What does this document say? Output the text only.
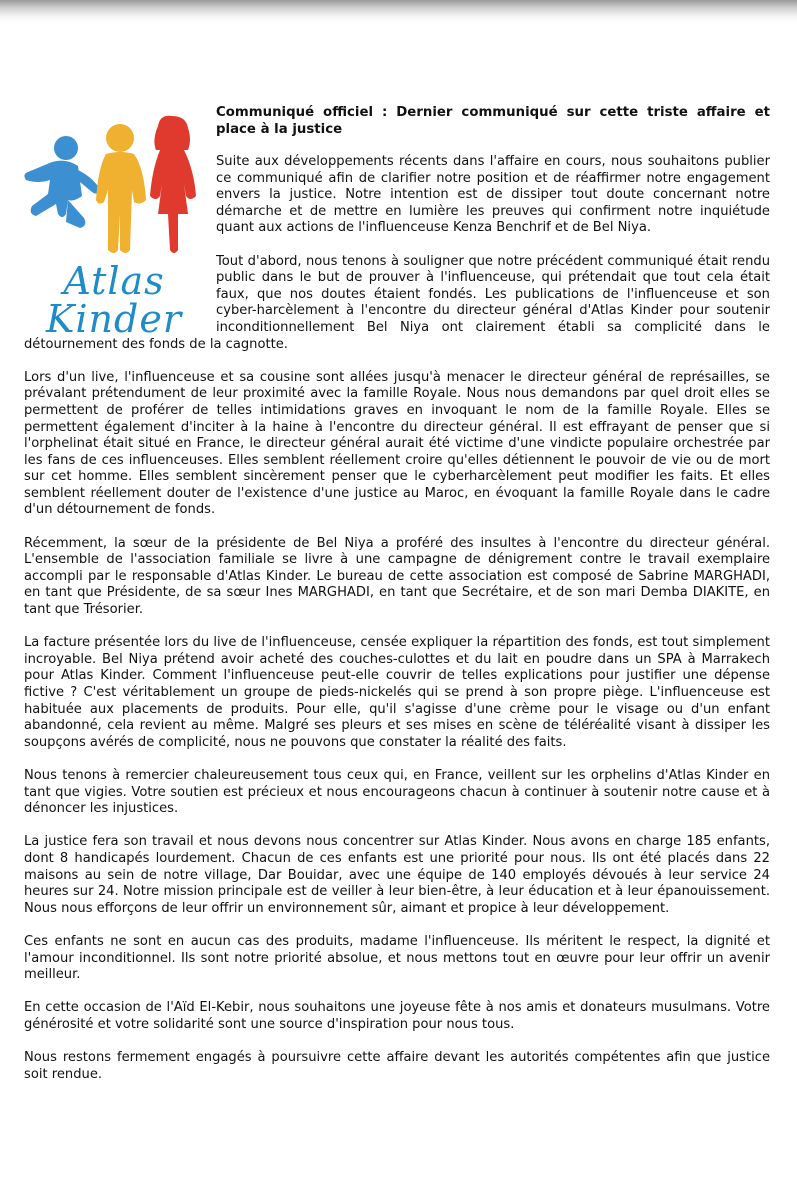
Atlas
Kinder
Communiqué officiel : Dernier communiqué sur cette triste affaire et place à la justice

Suite aux développements récents dans l'affaire en cours, nous souhaitons publier ce communiqué afin de clarifier notre position et de réaffirmer notre engagement envers la justice. Notre intention est de dissiper tout doute concernant notre démarche et de mettre en lumière les preuves qui confirment notre inquiétude quant aux actions de l'influenceuse Kenza Benchrif et de Bel Niya.

Tout d'abord, nous tenons à souligner que notre précédent communiqué était rendu public dans le but de prouver à l'influenceuse, qui prétendait que tout cela était faux, que nos doutes étaient fondés. Les publications de l'influenceuse et son cyber-harcèlement à l'encontre du directeur général d'Atlas Kinder pour soutenir inconditionnellement Bel Niya ont clairement établi sa complicité dans le détournement des fonds de la cagnotte.

Lors d'un live, l'influenceuse et sa cousine sont allées jusqu'à menacer le directeur général de représailles, se prévalant prétendument de leur proximité avec la famille Royale. Nous nous demandons par quel droit elles se permettent de proférer de telles intimidations graves en invoquant le nom de la famille Royale. Elles se permettent également d'inciter à la haine à l'encontre du directeur général. Il est effrayant de penser que si l'orphelinat était situé en France, le directeur général aurait été victime d'une vindicte populaire orchestrée par les fans de ces influenceuses. Elles semblent réellement croire qu'elles détiennent le pouvoir de vie ou de mort sur cet homme. Elles semblent sincèrement penser que le cyberharcèlement peut modifier les faits. Et elles semblent réellement douter de l'existence d'une justice au Maroc, en évoquant la famille Royale dans le cadre d'un détournement de fonds.

Récemment, la sœur de la présidente de Bel Niya a proféré des insultes à l'encontre du directeur général. L'ensemble de l'association familiale se livre à une campagne de dénigrement contre le travail exemplaire accompli par le responsable d'Atlas Kinder. Le bureau de cette association est composé de Sabrine MARGHADI, en tant que Présidente, de sa sœur Ines MARGHADI, en tant que Secrétaire, et de son mari Demba DIAKITE, en tant que Trésorier.

La facture présentée lors du live de l'influenceuse, censée expliquer la répartition des fonds, est tout simplement incroyable. Bel Niya prétend avoir acheté des couches-culottes et du lait en poudre dans un SPA à Marrakech pour Atlas Kinder. Comment l'influenceuse peut-elle couvrir de telles explications pour justifier une dépense fictive ? C'est véritablement un groupe de pieds-nickelés qui se prend à son propre piège. L'influenceuse est habituée aux placements de produits. Pour elle, qu'il s'agisse d'une crème pour le visage ou d'un enfant abandonné, cela revient au même. Malgré ses pleurs et ses mises en scène de téléréalité visant à dissiper les soupçons avérés de complicité, nous ne pouvons que constater la réalité des faits.

Nous tenons à remercier chaleureusement tous ceux qui, en France, veillent sur les orphelins d'Atlas Kinder en tant que vigies. Votre soutien est précieux et nous encourageons chacun à continuer à soutenir notre cause et à dénoncer les injustices.

La justice fera son travail et nous devons nous concentrer sur Atlas Kinder. Nous avons en charge 185 enfants, dont 8 handicapés lourdement. Chacun de ces enfants est une priorité pour nous. Ils ont été placés dans 22 maisons au sein de notre village, Dar Bouidar, avec une équipe de 140 employés dévoués à leur service 24 heures sur 24. Notre mission principale est de veiller à leur bien-être, à leur éducation et à leur épanouissement. Nous nous efforçons de leur offrir un environnement sûr, aimant et propice à leur développement.

Ces enfants ne sont en aucun cas des produits, madame l'influenceuse. Ils méritent le respect, la dignité et l'amour inconditionnel. Ils sont notre priorité absolue, et nous mettons tout en œuvre pour leur offrir un avenir meilleur.

En cette occasion de l'Aïd El-Kebir, nous souhaitons une joyeuse fête à nos amis et donateurs musulmans. Votre générosité et votre solidarité sont une source d'inspiration pour nous tous.

Nous restons fermement engagés à poursuivre cette affaire devant les autorités compétentes afin que justice soit rendue.
